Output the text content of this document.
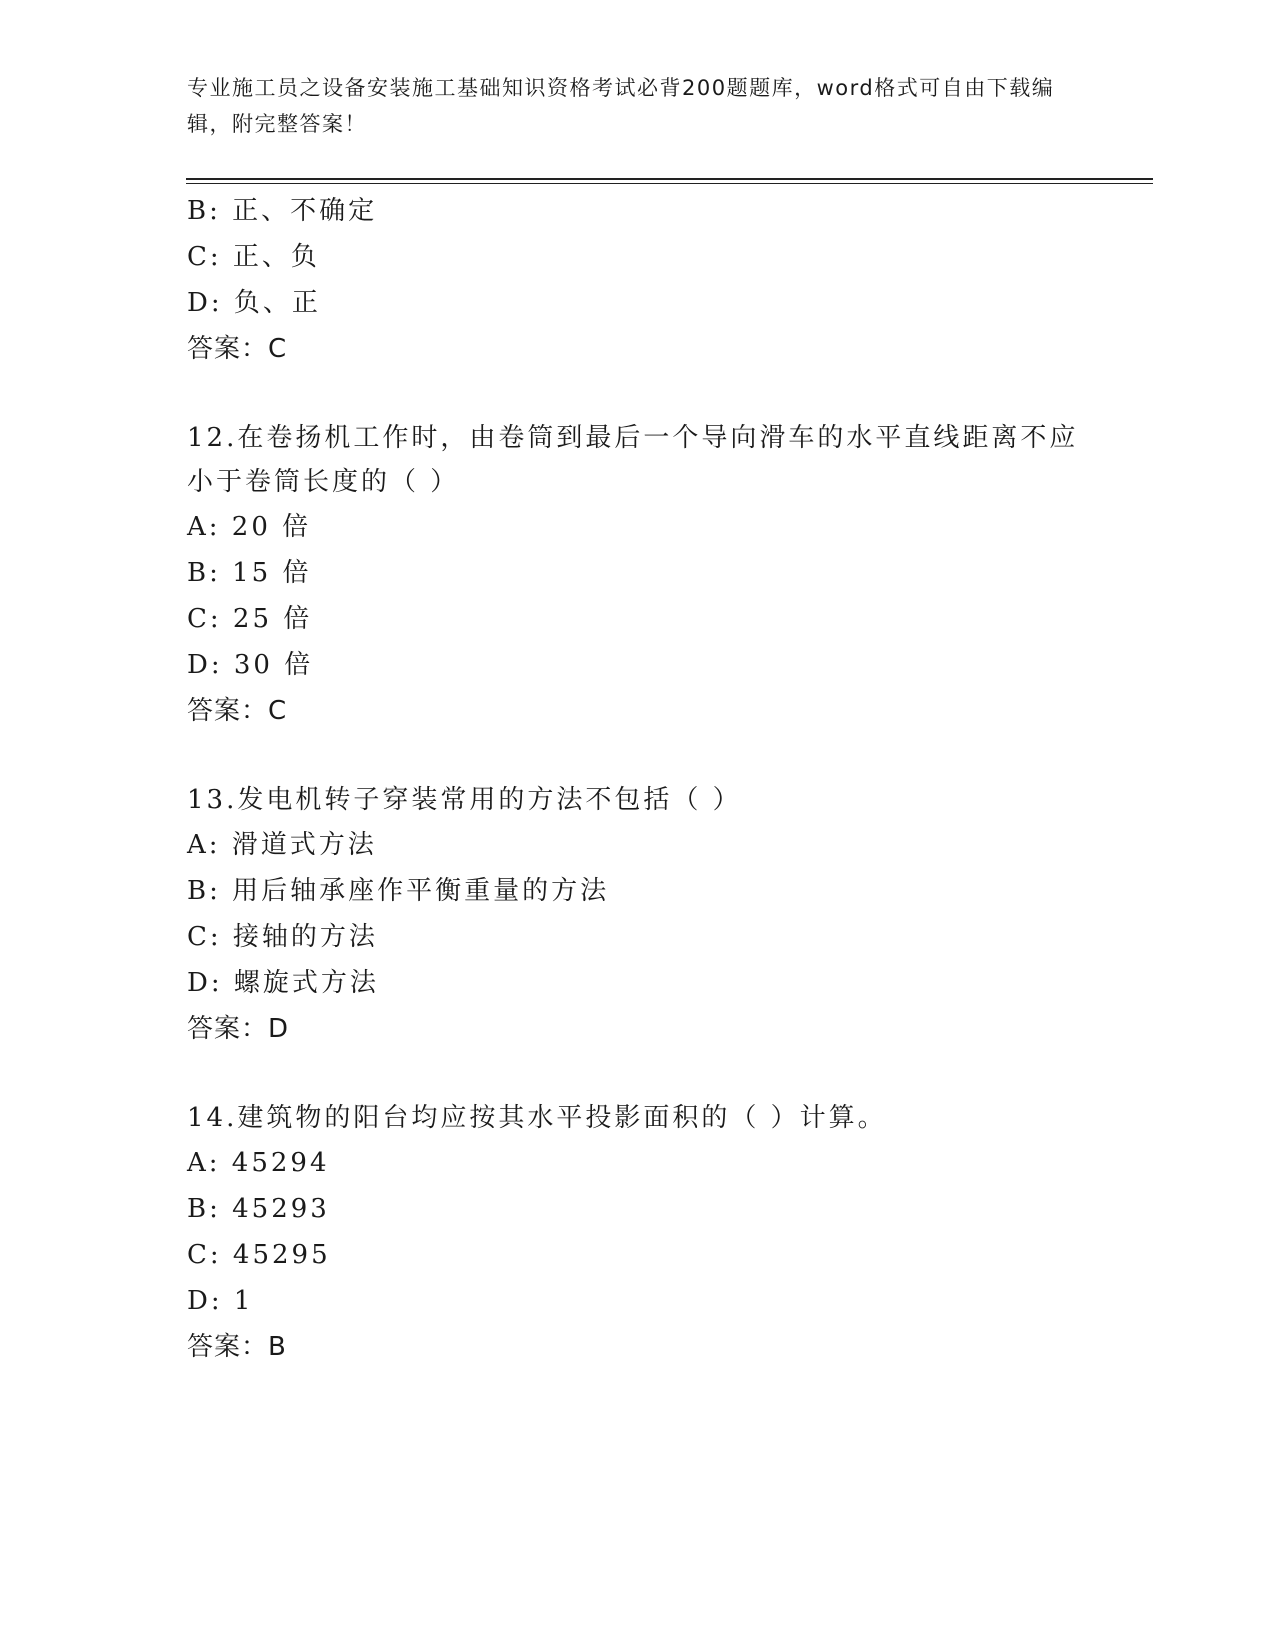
专业施工员之设备安装施工基础知识资格考试必背200题题库，word格式可自由下载编辑，附完整答案！
B: 正、不确定
C: 正、负
D: 负、正
答案：C
12.在卷扬机工作时，由卷筒到最后一个导向滑车的水平直线距离不应
小于卷筒长度的（ ）
A: 20 倍
B: 15 倍
C: 25 倍
D: 30 倍
答案：C
13.发电机转子穿装常用的方法不包括（ ）
A: 滑道式方法
B: 用后轴承座作平衡重量的方法
C: 接轴的方法
D: 螺旋式方法
答案：D
14.建筑物的阳台均应按其水平投影面积的（ ）计算。
A: 45294
B: 45293
C: 45295
D: 1
答案：B
